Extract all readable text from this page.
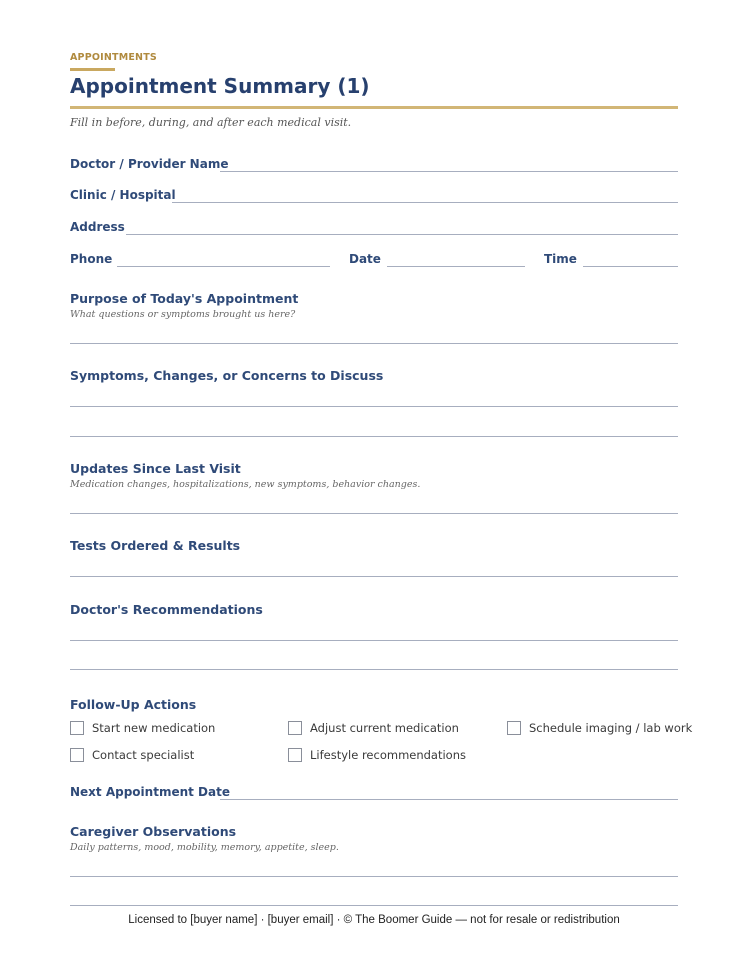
APPOINTMENTS
Appointment Summary (1)
Fill in before, during, and after each medical visit.
Doctor / Provider Name
Clinic / Hospital
Address
Phone	Date	Time
Purpose of Today's Appointment
What questions or symptoms brought us here?
Symptoms, Changes, or Concerns to Discuss
Updates Since Last Visit
Medication changes, hospitalizations, new symptoms, behavior changes.
Tests Ordered & Results
Doctor's Recommendations
Follow-Up Actions
Start new medication	Adjust current medication	Schedule imaging / lab work
Contact specialist	Lifestyle recommendations
Next Appointment Date
Caregiver Observations
Daily patterns, mood, mobility, memory, appetite, sleep.
Licensed to [buyer name] · [buyer email] · © The Boomer Guide — not for resale or redistribution
